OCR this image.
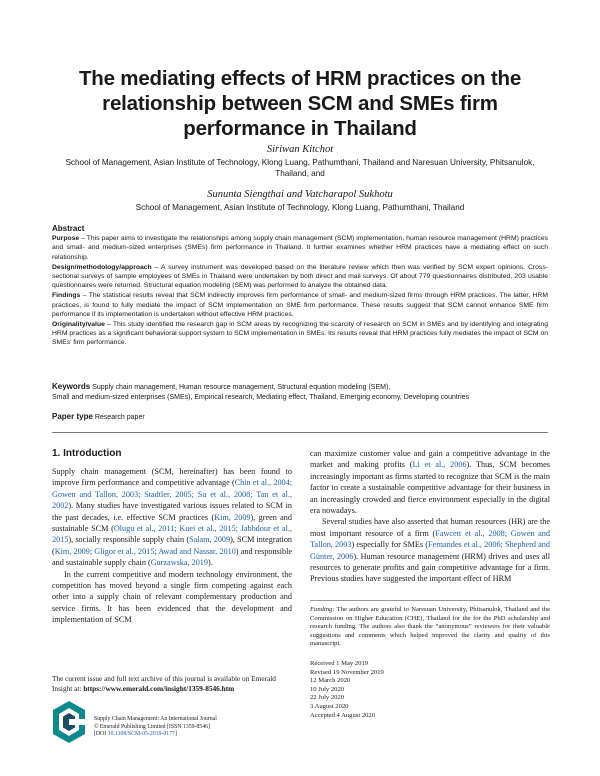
The mediating effects of HRM practices on the relationship between SCM and SMEs firm performance in Thailand
Siriwan Kitchot
School of Management, Asian Institute of Technology, Klong Luang, Pathumthani, Thailand and Naresuan University, Phitsanulok, Thailand, and
Sununta Siengthai and Vatcharapol Sukhotu
School of Management, Asian Institute of Technology, Klong Luang, Pathumthani, Thailand
Abstract

Purpose – This paper aims to investigate the relationships among supply chain management (SCM) implementation, human resource management (HRM) practices and small- and medium-sized enterprises (SMEs) firm performance in Thailand. It further examines whether HRM practices have a mediating effect on such relationship.

Design/methodology/approach – A survey instrument was developed based on the literature review which then was verified by SCM expert opinions. Cross-sectional surveys of sample employees of SMEs in Thailand were undertaken by both direct and mail surveys. Of about 779 questionnaires distributed, 203 usable questionnaires were returned. Structural equation modeling (SEM) was performed to analyze the obtained data.

Findings – The statistical results reveal that SCM indirectly improves firm performance of small- and medium-sized firms through HRM practices. The latter, HRM practices, is found to fully mediate the impact of SCM implementation on SME firm performance. These results suggest that SCM cannot enhance SME firm performance if its implementation is undertaken without effective HRM practices.

Originality/value – This study identified the research gap in SCM areas by recognizing the scarcity of research on SCM in SMEs and by identifying and integrating HRM practices as a significant behavioral support system to SCM implementation in SMEs. Its results reveal that HRM practices fully mediates the impact of SCM on SMEs’ firm performance.

Keywords Supply chain management, Human resource management, Structural equation modeling (SEM),
Small and medium-sized enterprises (SMEs), Empirical research, Mediating effect, Thailand, Emerging economy, Developing countries
Paper type Research paper
1. Introduction

Supply chain management (SCM, hereinafter) has been found to improve firm performance and competitive advantage (Chin et al., 2004; Gowen and Tallon, 2003; Stadtler, 2005; Su et al., 2008; Tan et al., 2002). Many studies have investigated various issues related to SCM in the past decades, i.e. effective SCM practices (Kim, 2009), green and sustainable SCM (Olugu et al., 2011; Kuei et al., 2015; Jabbdour et al., 2015), socially responsible supply chain (Salam, 2009), SCM integration (Kim, 2009; Gligor et al., 2015; Awad and Nassar, 2010) and responsible and sustainable supply chain (Gurzawska, 2019).

In the current competitive and modern technology environment, the competition has moved beyond a single firm competing against each other into a supply chain of relevant complementary production and service firms. It has been evidenced that the development and implementation of SCM

can maximize customer value and gain a competitive advantage in the market and making profits (Li et al., 2006). Thus, SCM becomes increasingly important as firms started to recognize that SCM is the main factor to create a sustainable competitive advantage for their business in an increasingly crowded and fierce environment especially in the digital era nowadays.

Several studies have also asserted that human resources (HR) are the most important resource of a firm (Fawcett et al., 2008; Gowen and Tallon, 2003) especially for SMEs (Fernandes et al., 2006; Shepherd and Günter, 2006). Human resource management (HRM) drives and uses all resources to generate profits and gain competitive advantage for a firm. Previous studies have suggested the important effect of HRM

The current issue and full text archive of this journal is available on Emerald Insight at: https://www.emerald.com/insight/1359-8546.htm
Supply Chain Management: An International Journal
© Emerald Publishing Limited [ISSN 1359-8546]
[DOI 10.1108/SCM-05-2019-0177]
Funding: The authors are grateful to Naresuan University, Phitsanulok, Thailand and the Commission on Higher Education (CHE), Thailand for the for the PhD scholarship and research funding. The authors also thank the “anonymous” reviewers for their valuable suggestions and comments which helped improved the clarity and quality of this manuscript.
Received 1 May 2019
Revised 19 November 2019
12 March 2020
10 July 2020
22 July 2020
3 August 2020
Accepted 4 August 2020
